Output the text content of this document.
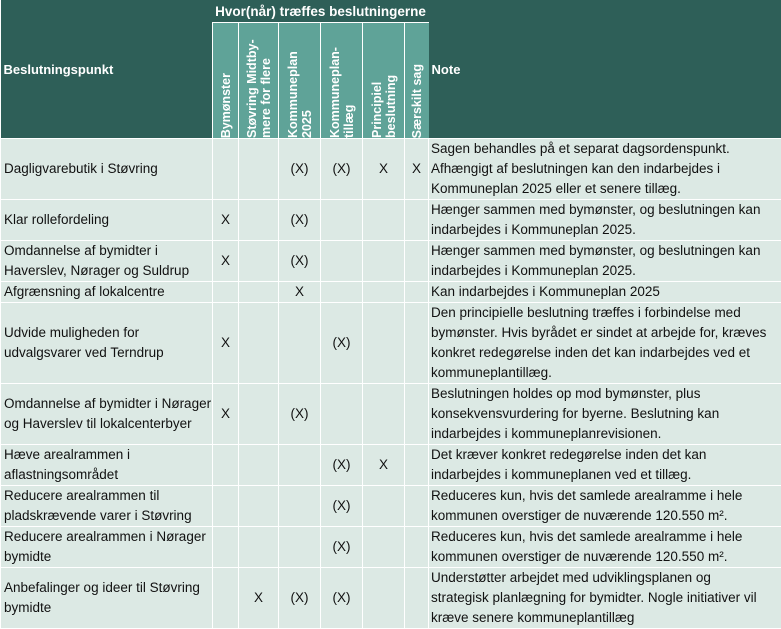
Beslutningspunkt	Hvor(når) træffes beslutningerne						Note

	Bymønster	Støvring Midtby-mere for flere	Kommuneplan 2025	Kommuneplan-tillæg	Principiel beslutning	Særskilt sag	

Dagligvarebutik i Støvring			(X)	(X)	X	X	Sagen behandles på et separat dagsordenspunkt.
Afhængigt af beslutningen kan den indarbejdes i
Kommuneplan 2025 eller et senere tillæg.

Klar rollefordeling	X		(X)				Hænger sammen med bymønster, og beslutningen kan
indarbejdes i Kommuneplan 2025.

Omdannelse af bymidter i Haverslev, Nørager og Suldrup	X		(X)				Hænger sammen med bymønster, og beslutningen kan
indarbejdes i Kommuneplan 2025.

Afgrænsning af lokalcentre			X				Kan indarbejdes i Kommuneplan 2025

Udvide muligheden for udvalgsvarer ved Terndrup	X			(X)			Den principielle beslutning træffes i forbindelse med
bymønster. Hvis byrådet er sindet at arbejde for, kræves
konkret redegørelse inden det kan indarbejdes ved et
kommuneplantillæg.

Omdannelse af bymidter i Nørager og Haverslev til lokalcenterbyer	X		(X)				Beslutningen holdes op mod bymønster, plus
konsekvensvurdering for byerne. Beslutning kan
indarbejdes i kommuneplanrevisionen.

Hæve arealrammen i aflastningsområdet				(X)	X		Det kræver konkret redegørelse inden det kan
indarbejdes i kommuneplanen ved et tillæg.

Reducere arealrammen til pladskrævende varer i Støvring				(X)			Reduceres kun, hvis det samlede arealramme i hele
kommunen overstiger de nuværende 120.550 m².

Reducere arealrammen i Nørager bymidte				(X)			Reduceres kun, hvis det samlede arealramme i hele
kommunen overstiger de nuværende 120.550 m².

Anbefalinger og ideer til Støvring bymidte		X	(X)	(X)			Understøtter arbejdet med udviklingsplanen og
strategisk planlægning for bymidter. Nogle initiativer vil
kræve senere kommuneplantillæg
